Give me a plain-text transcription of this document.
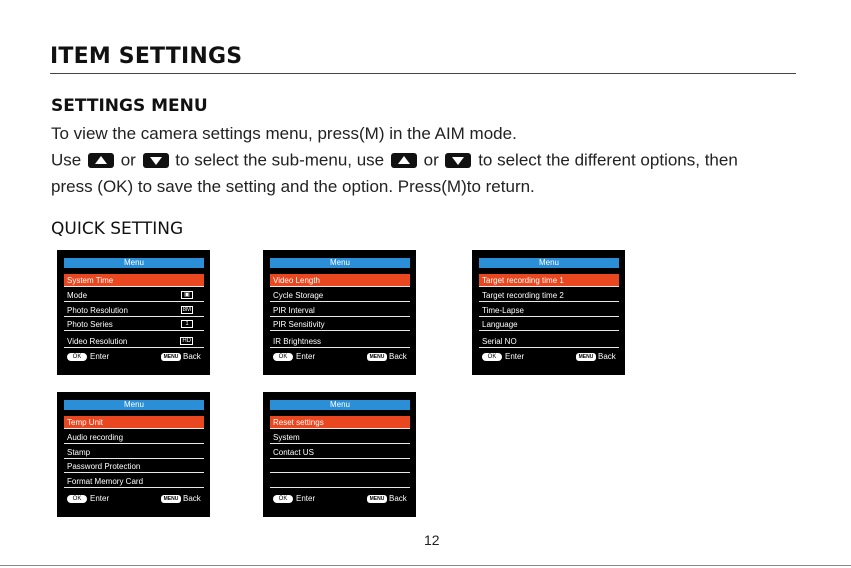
ITEM SETTINGS
SETTINGS MENU
To view the camera settings menu, press(M) in the AIM mode.
Use or to select the sub-menu, use or to select the different options, then
press (OK) to save the setting and the option. Press(M)to return.
QUICK SETTING
Menu
System Time
Mode	▣
Photo Resolution	8M
Photo Series	1
Video Resolution	HD
OK	Enter	MENU Back
Menu
Video Length
Cycle Storage
PIR Interval
PIR Sensitivity
IR Brightness
OK	Enter	MENU Back
Menu
Target recording time 1
Target recording time 2
Time-Lapse
Language
Serial NO
OK	Enter	MENU Back
Menu
Temp Unit
Audio recording
Stamp
Password Protection
Format Memory Card
OK	Enter	MENU Back
Menu
Reset settings
System
Contact US
OK	Enter	MENU Back
12
